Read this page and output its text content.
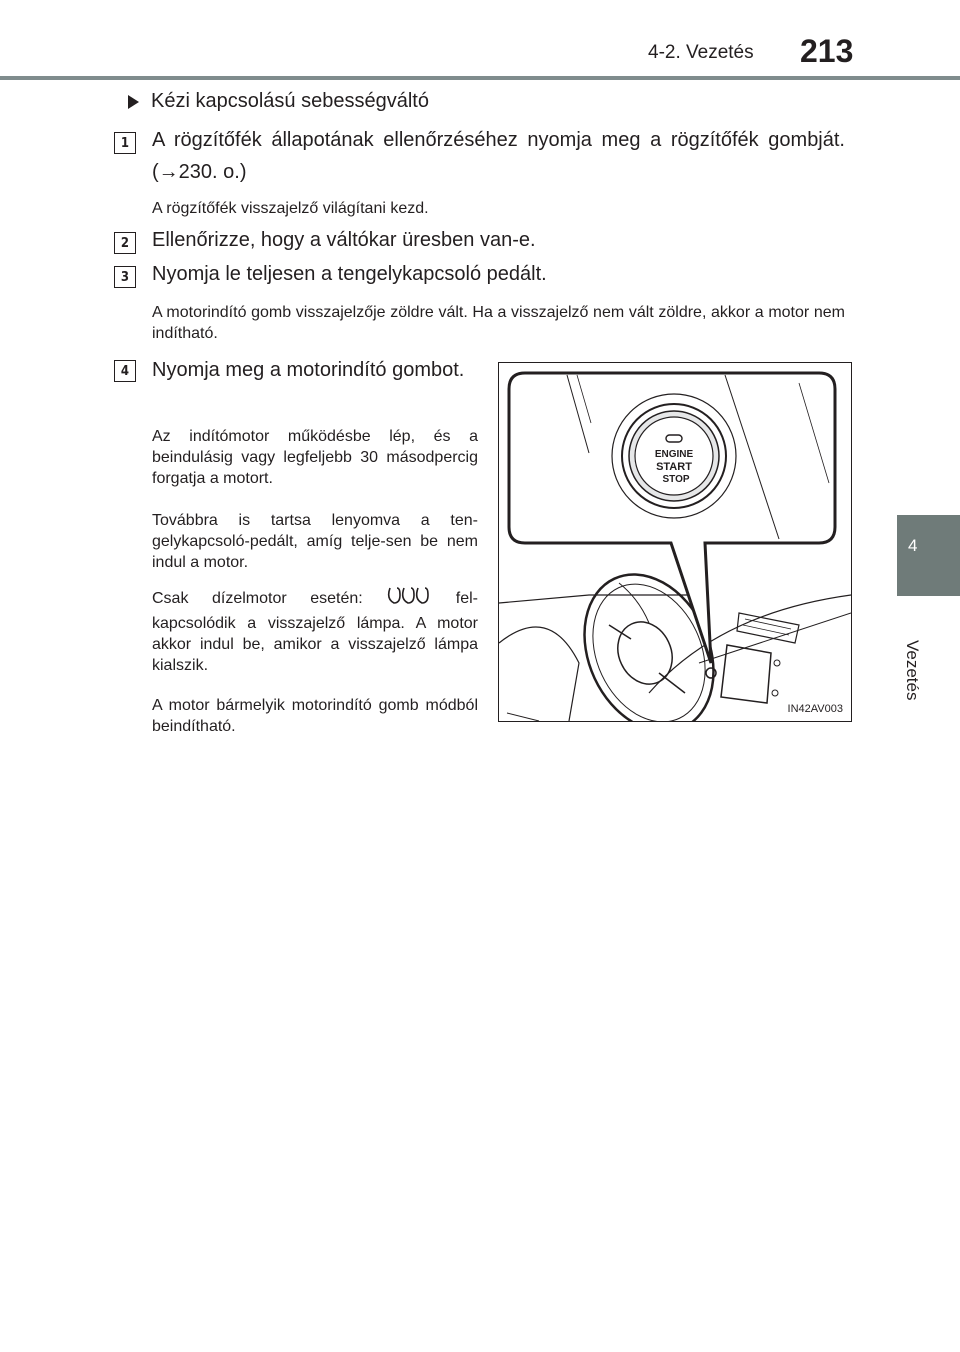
4-2. Vezetés 213
4
Vezetés
Kézi kapcsolású sebességváltó
1	A rögzítőfék állapotának ellenőrzéséhez nyomja meg a rögzítőfék gombját. (→230. o.)
A rögzítőfék visszajelző világítani kezd.
2	Ellenőrizze, hogy a váltókar üresben van-e.
3	Nyomja le teljesen a tengelykapcsoló pedált.
A motorindító gomb visszajelzője zöldre vált. Ha a visszajelző nem vált zöldre, akkor a motor nem indítható.
4	Nyomja meg a motorindító gombot.
Az indítómotor működésbe lép, és a beindulásig vagy legfeljebb 30 másodpercig forgatja a motort.
Továbbra is tartsa lenyomva a ten-gelykapcsoló-pedált, amíg telje-sen be nem indul a motor.
Csak dízelmotor esetén:	fel-kapcsolódik a visszajelző lámpa. A motor akkor indul be, amikor a visszajelző lámpa kialszik.
A motor bármelyik motorindító gomb módból beindítható.
ENGINE
START
STOP
IN42AV003
